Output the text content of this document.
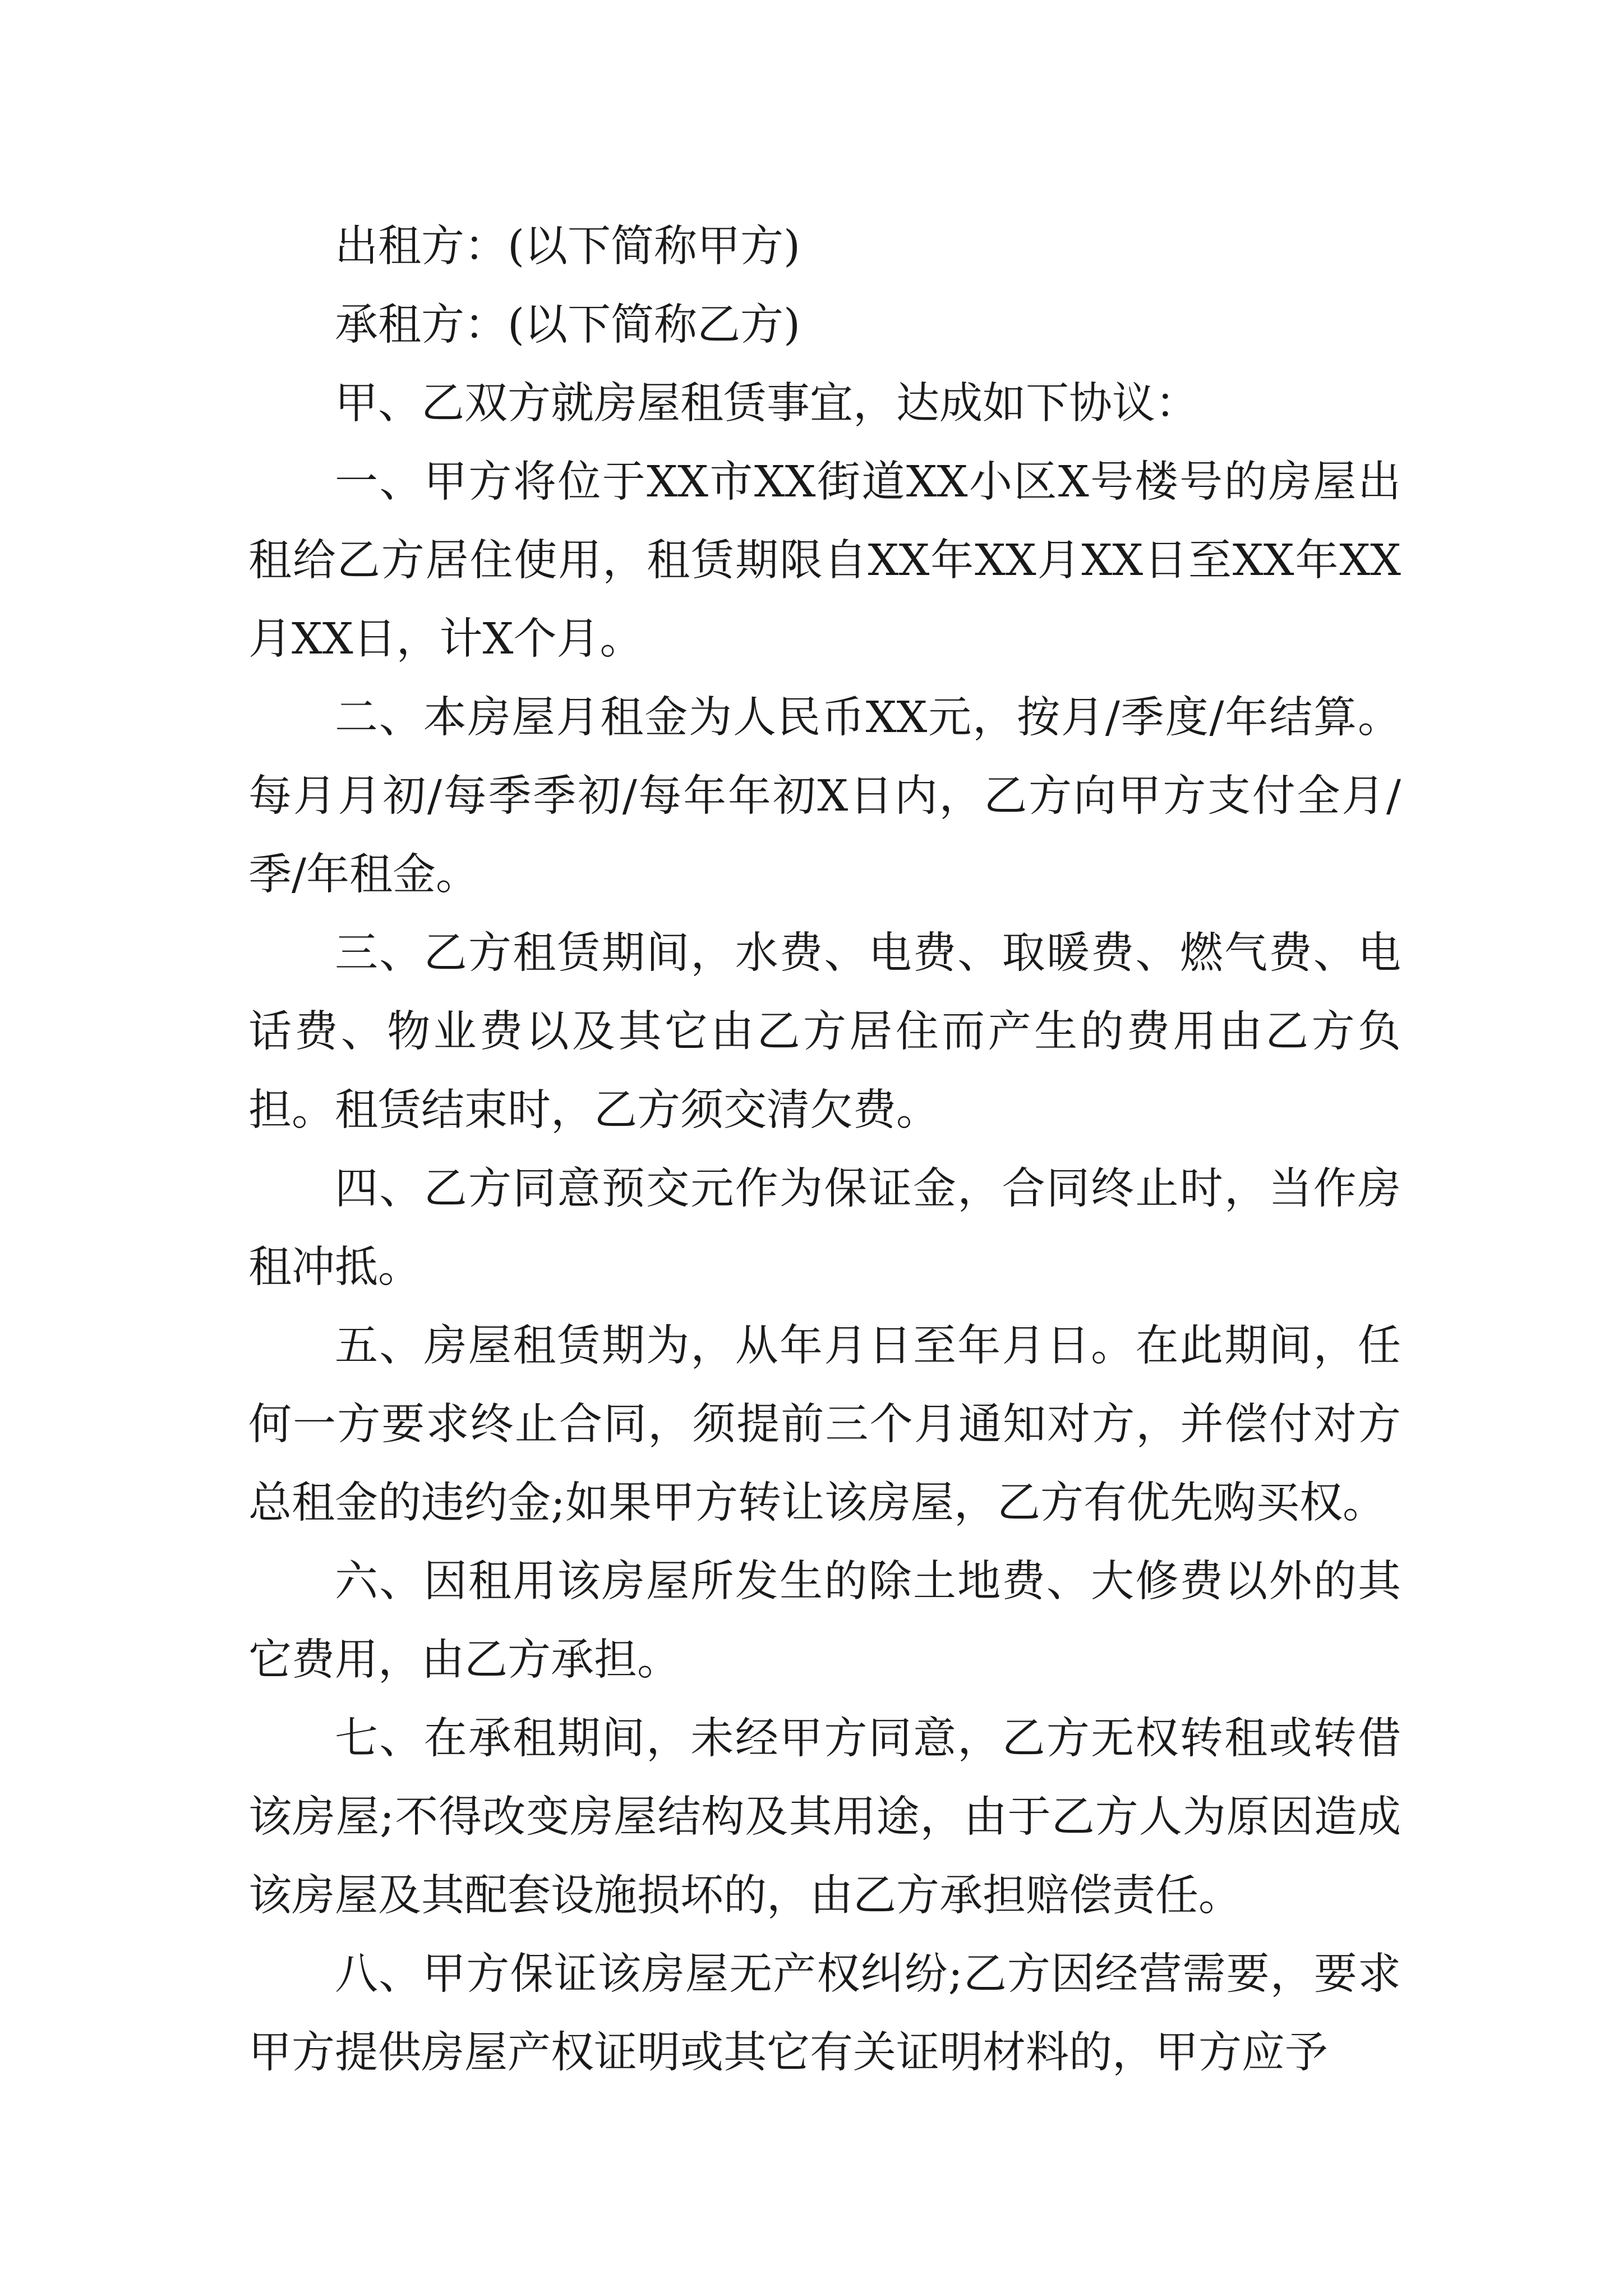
出租方：(以下简称甲方)

承租方：(以下简称乙方)

甲、乙双方就房屋租赁事宜，达成如下协议：

一、甲方将位于XX市XX街道XX小区X号楼号的房屋出租给乙方居住使用，租赁期限自XX年XX月XX日至XX年XX月XX日，计X个月。

二、本房屋月租金为人民币XX元，按月/季度/年结算。每月月初/每季季初/每年年初X日内，乙方向甲方支付全月/季/年租金。

三、乙方租赁期间，水费、电费、取暖费、燃气费、电话费、物业费以及其它由乙方居住而产生的费用由乙方负担。租赁结束时，乙方须交清欠费。

四、乙方同意预交元作为保证金，合同终止时，当作房租冲抵。

五、房屋租赁期为，从年月日至年月日。在此期间，任何一方要求终止合同，须提前三个月通知对方，并偿付对方总租金的违约金;如果甲方转让该房屋，乙方有优先购买权。

六、因租用该房屋所发生的除土地费、大修费以外的其它费用，由乙方承担。

七、在承租期间，未经甲方同意，乙方无权转租或转借该房屋;不得改变房屋结构及其用途，由于乙方人为原因造成该房屋及其配套设施损坏的，由乙方承担赔偿责任。

八、甲方保证该房屋无产权纠纷;乙方因经营需要，要求甲方提供房屋产权证明或其它有关证明材料的，甲方应予
